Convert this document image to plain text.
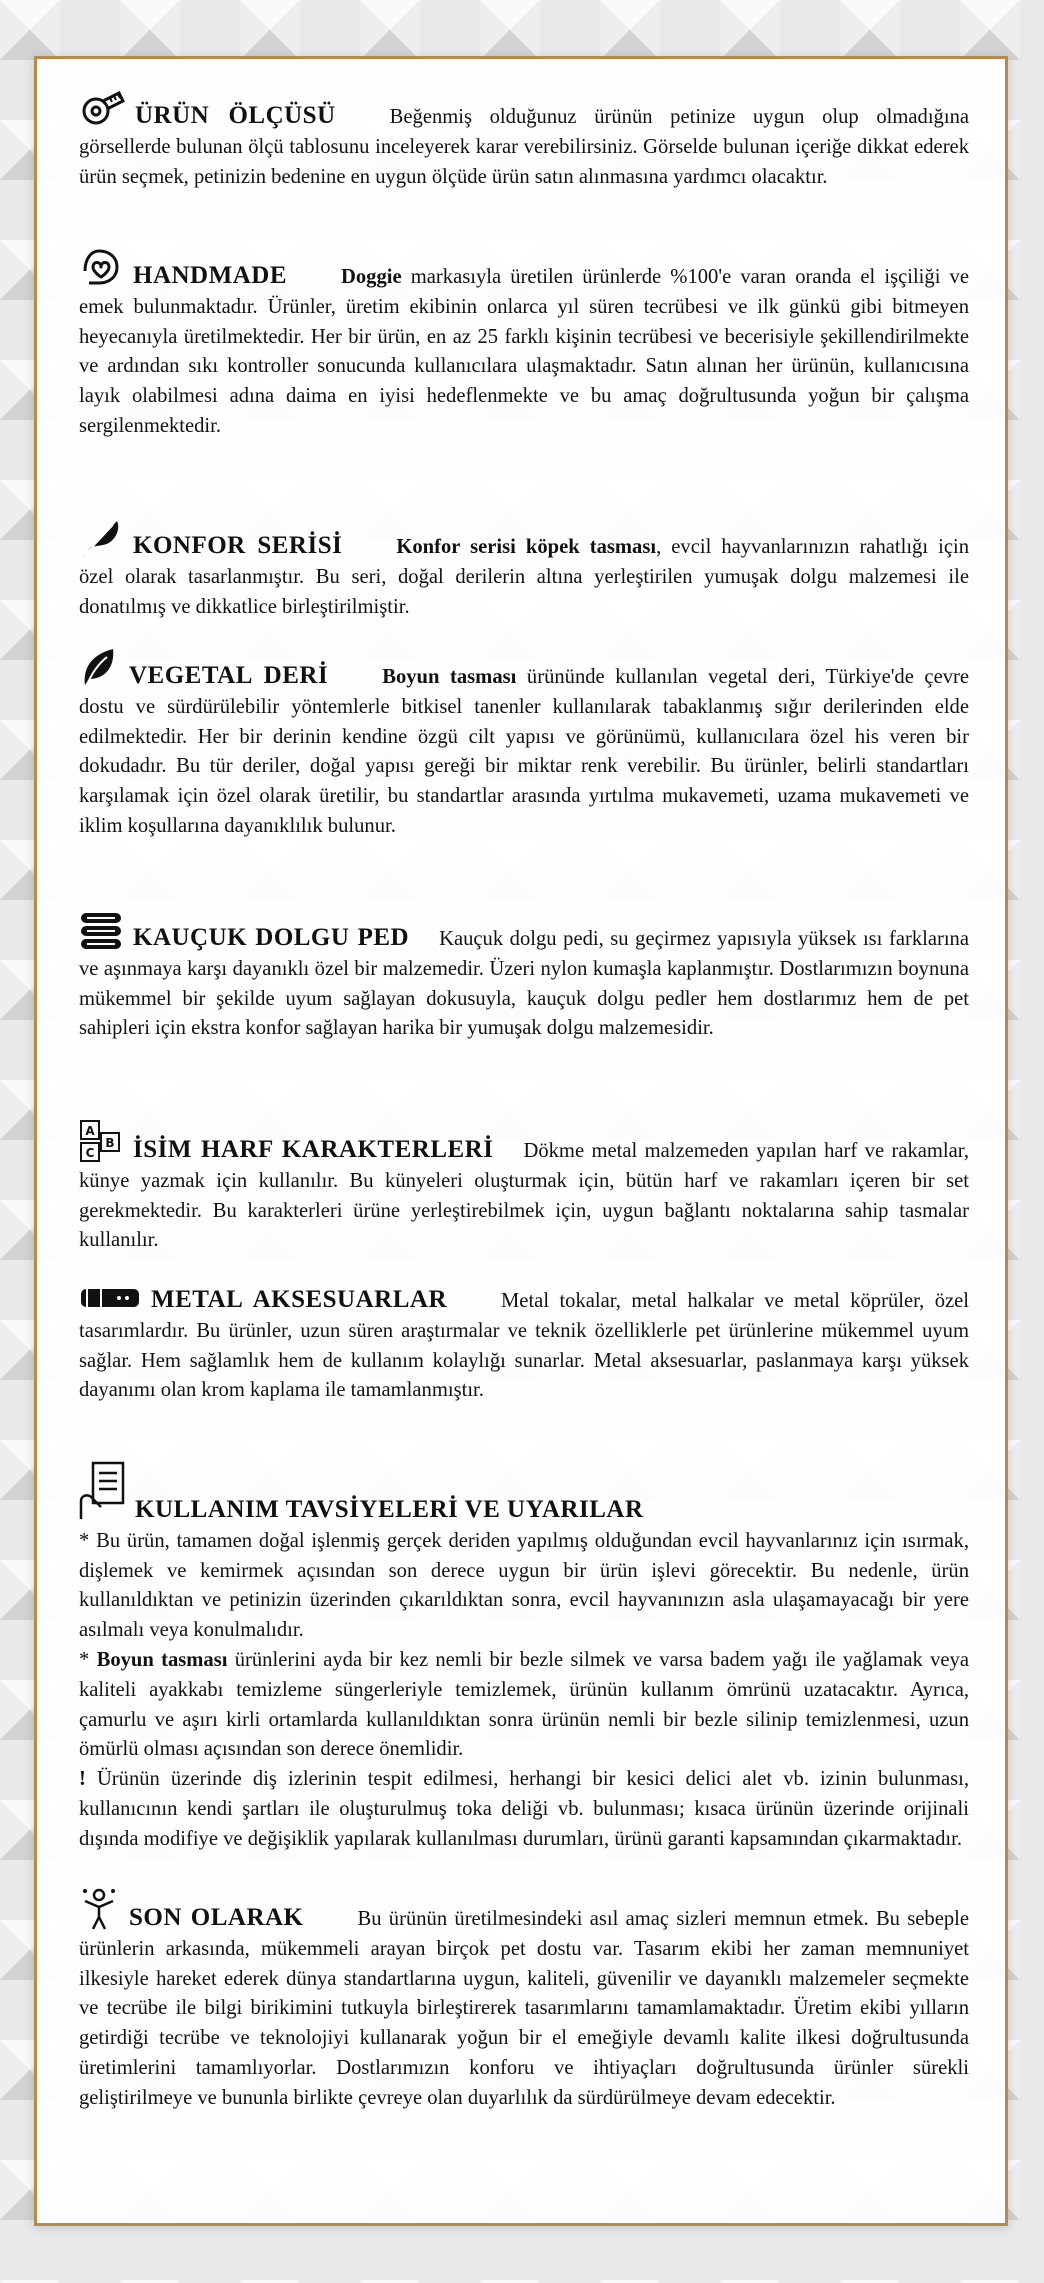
ÜRÜN ÖLÇÜSÜ	Beğenmiş olduğunuz ürünün petinize uygun olup olmadığına görsellerde bulunan ölçü tablosunu inceleyerek karar verebilirsiniz. Görselde bulunan içeriğe dikkat ederek ürün seçmek, petinizin bedenine en uygun ölçüde ürün satın alınmasına yardımcı olacaktır.

HANDMADE	Doggie markasıyla üretilen ürünlerde %100'e varan oranda el işçiliği ve emek bulunmaktadır. Ürünler, üretim ekibinin onlarca yıl süren tecrübesi ve ilk günkü gibi bitmeyen heyecanıyla üretilmektedir. Her bir ürün, en az 25 farklı kişinin tecrübesi ve becerisiyle şekillendirilmekte ve ardından sıkı kontroller sonucunda kullanıcılara ulaşmaktadır. Satın alınan her ürünün, kullanıcısına layık olabilmesi adına daima en iyisi hedeflenmekte ve bu amaç doğrultusunda yoğun bir çalışma sergilenmektedir.

KONFOR SERİSİ	Konfor serisi köpek tasması, evcil hayvanlarınızın rahatlığı için özel olarak tasarlanmıştır. Bu seri, doğal derilerin altına yerleştirilen yumuşak dolgu malzemesi ile donatılmış ve dikkatlice birleştirilmiştir.

VEGETAL DERİ	Boyun tasması ürününde kullanılan vegetal deri, Türkiye'de çevre dostu ve sürdürülebilir yöntemlerle bitkisel tanenler kullanılarak tabaklanmış sığır derilerinden elde edilmektedir. Her bir derinin kendine özgü cilt yapısı ve görünümü, kullanıcılara özel his veren bir dokudadır. Bu tür deriler, doğal yapısı gereği bir miktar renk verebilir. Bu ürünler, belirli standartları karşılamak için özel olarak üretilir, bu standartlar arasında yırtılma mukavemeti, uzama mukavemeti ve iklim koşullarına dayanıklılık bulunur.

KAUÇUK DOLGU PED Kauçuk dolgu pedi, su geçirmez yapısıyla yüksek ısı farklarına ve aşınmaya karşı dayanıklı özel bir malzemedir. Üzeri nylon kumaşla kaplanmıştır. Dostlarımızın boynuna mükemmel bir şekilde uyum sağlayan dokusuyla, kauçuk dolgu pedler hem dostlarımız hem de pet sahipleri için ekstra konfor sağlayan harika bir yumuşak dolgu malzemesidir.

A
B
C İSİM HARF KARAKTERLERİ Dökme metal malzemeden yapılan harf ve rakamlar, künye yazmak için kullanılır. Bu künyeleri oluşturmak için, bütün harf ve rakamları içeren bir set gerekmektedir. Bu karakterleri ürüne yerleştirebilmek için, uygun bağlantı noktalarına sahip tasmalar kullanılır.

METAL AKSESUARLAR	Metal tokalar, metal halkalar ve metal köprüler, özel tasarımlardır. Bu ürünler, uzun süren araştırmalar ve teknik özelliklerle pet ürünlerine mükemmel uyum sağlar. Hem sağlamlık hem de kullanım kolaylığı sunarlar. Metal aksesuarlar, paslanmaya karşı yüksek dayanımı olan krom kaplama ile tamamlanmıştır.

KULLANIM TAVSİYELERİ VE UYARILAR

* Bu ürün, tamamen doğal işlenmiş gerçek deriden yapılmış olduğundan evcil hayvanlarınız için ısırmak, dişlemek ve kemirmek açısından son derece uygun bir ürün işlevi görecektir. Bu nedenle, ürün kullanıldıktan ve petinizin üzerinden çıkarıldıktan sonra, evcil hayvanınızın asla ulaşamayacağı bir yere asılmalı veya konulmalıdır.

* Boyun tasması ürünlerini ayda bir kez nemli bir bezle silmek ve varsa badem yağı ile yağlamak veya kaliteli ayakkabı temizleme süngerleriyle temizlemek, ürünün kullanım ömrünü uzatacaktır. Ayrıca, çamurlu ve aşırı kirli ortamlarda kullanıldıktan sonra ürünün nemli bir bezle silinip temizlenmesi, uzun ömürlü olması açısından son derece önemlidir.

! Ürünün üzerinde diş izlerinin tespit edilmesi, herhangi bir kesici delici alet vb. izinin bulunması, kullanıcının kendi şartları ile oluşturulmuş toka deliği vb. bulunması; kısaca ürünün üzerinde orijinali dışında modifiye ve değişiklik yapılarak kullanılması durumları, ürünü garanti kapsamından çıkarmaktadır.

SON OLARAK	Bu ürünün üretilmesindeki asıl amaç sizleri memnun etmek. Bu sebeple ürünlerin arkasında, mükemmeli arayan birçok pet dostu var. Tasarım ekibi her zaman memnuniyet ilkesiyle hareket ederek dünya standartlarına uygun, kaliteli, güvenilir ve dayanıklı malzemeler seçmekte ve tecrübe ile bilgi birikimini tutkuyla birleştirerek tasarımlarını tamamlamaktadır. Üretim ekibi yılların getirdiği tecrübe ve teknolojiyi kullanarak yoğun bir el emeğiyle devamlı kalite ilkesi doğrultusunda üretimlerini tamamlıyorlar. Dostlarımızın konforu ve ihtiyaçları doğrultusunda ürünler sürekli geliştirilmeye ve bununla birlikte çevreye olan duyarlılık da sürdürülmeye devam edecektir.
